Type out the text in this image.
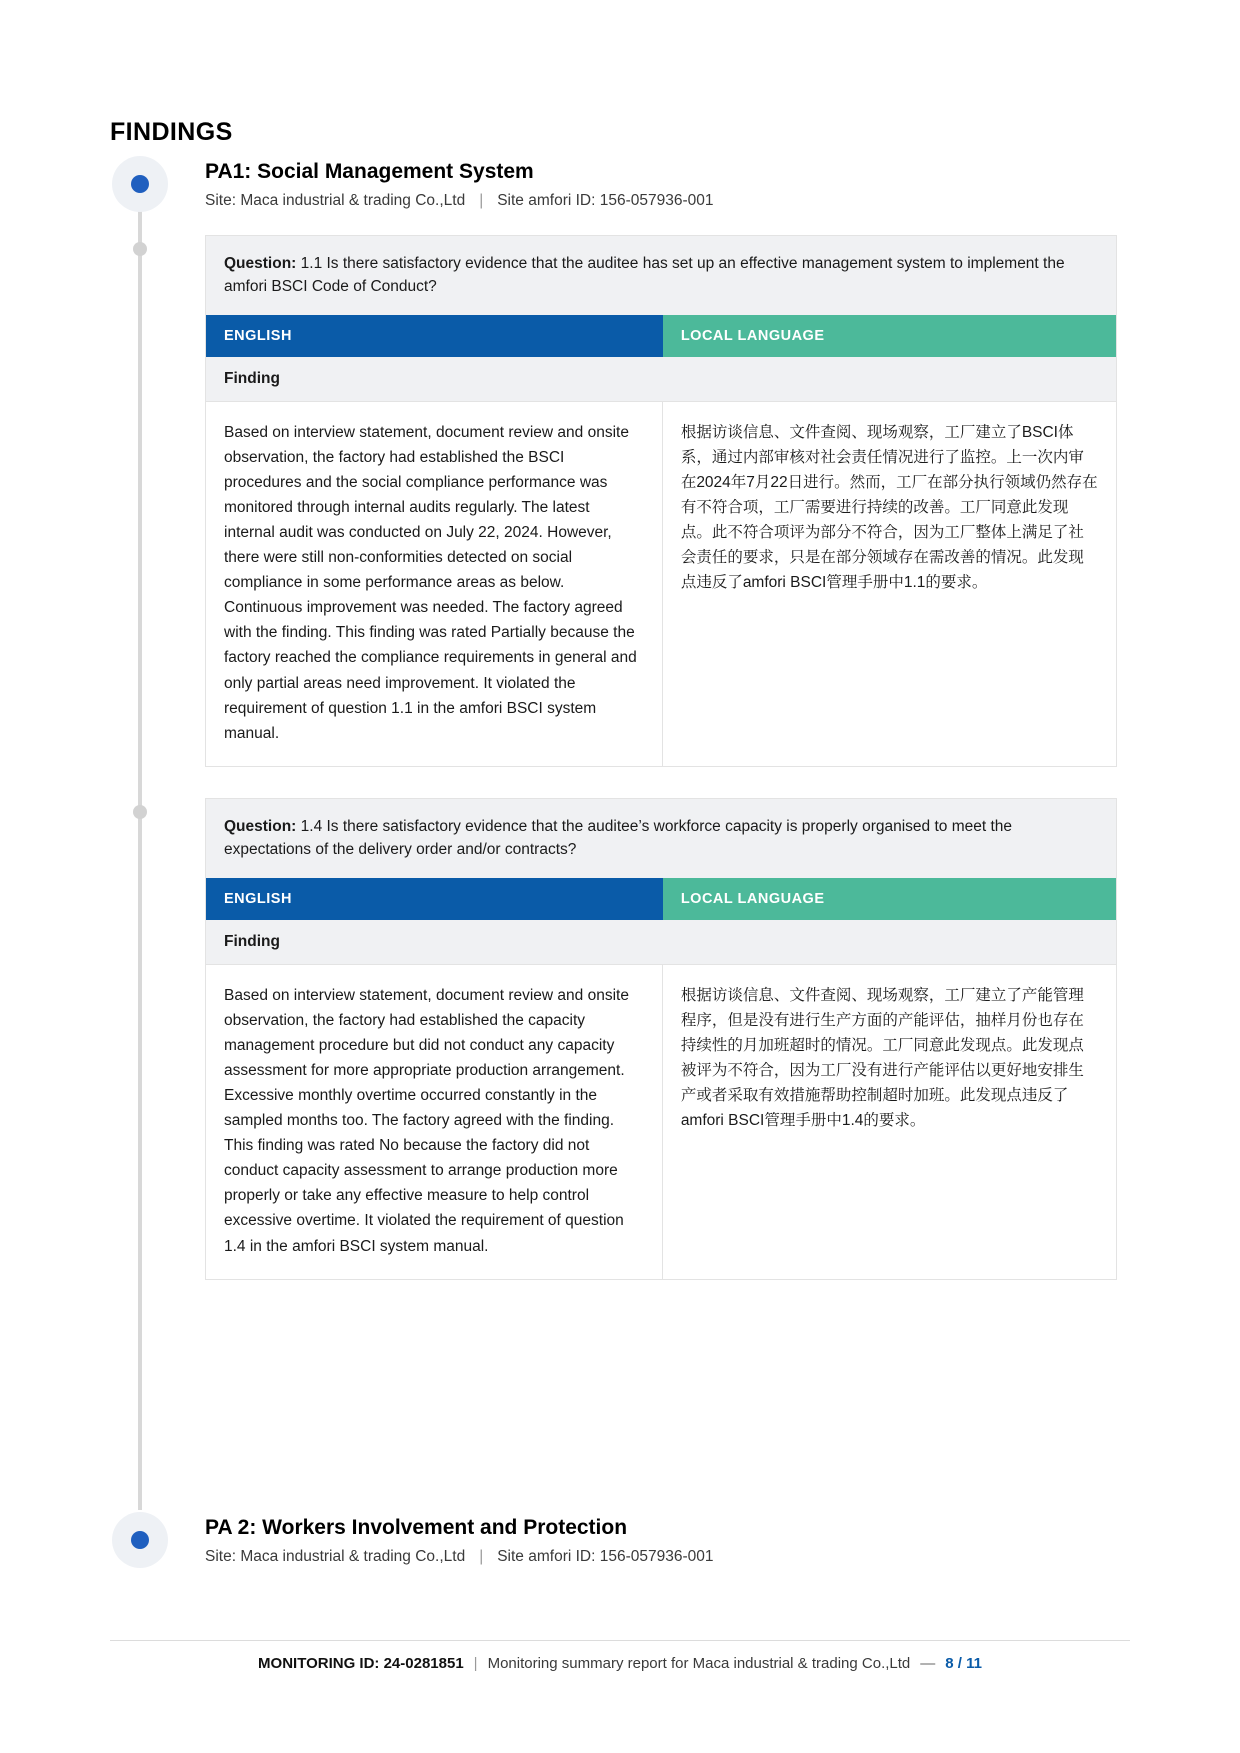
FINDINGS
PA1: Social Management System
Site: Maca industrial & trading Co.,Ltd | Site amfori ID: 156-057936-001
Question: 1.1 Is there satisfactory evidence that the auditee has set up an effective management system to implement the amfori BSCI Code of Conduct?
ENGLISH	LOCAL LANGUAGE
Finding
Based on interview statement, document review and onsite observation, the factory had established the BSCI procedures and the social compliance performance was monitored through internal audits regularly. The latest internal audit was conducted on July 22, 2024. However, there were still non-conformities detected on social compliance in some performance areas as below. Continuous improvement was needed. The factory agreed with the finding. This finding was rated Partially because the factory reached the compliance requirements in general and only partial areas need improvement. It violated the requirement of question 1.1 in the amfori BSCI system manual.
根据访谈信息、文件查阅、现场观察，工厂建立了BSCI体系，通过内部审核对社会责任情况进行了监控。上一次内审在2024年7月22日进行。然而，工厂在部分执行领域仍然存在有不符合项，工厂需要进行持续的改善。工厂同意此发现点。此不符合项评为部分不符合，因为工厂整体上满足了社会责任的要求，只是在部分领域存在需改善的情况。此发现点违反了amfori BSCI管理手册中1.1的要求。
Question: 1.4 Is there satisfactory evidence that the auditee’s workforce capacity is properly organised to meet the expectations of the delivery order and/or contracts?
ENGLISH	LOCAL LANGUAGE
Finding
Based on interview statement, document review and onsite observation, the factory had established the capacity management procedure but did not conduct any capacity assessment for more appropriate production arrangement. Excessive monthly overtime occurred constantly in the sampled months too. The factory agreed with the finding. This finding was rated No because the factory did not conduct capacity assessment to arrange production more properly or take any effective measure to help control excessive overtime. It violated the requirement of question 1.4 in the amfori BSCI system manual.
根据访谈信息、文件查阅、现场观察，工厂建立了产能管理程序，但是没有进行生产方面的产能评估，抽样月份也存在持续性的月加班超时的情况。工厂同意此发现点。此发现点被评为不符合，因为工厂没有进行产能评估以更好地安排生产或者采取有效措施帮助控制超时加班。此发现点违反了amfori BSCI管理手册中1.4的要求。
PA 2: Workers Involvement and Protection
Site: Maca industrial & trading Co.,Ltd | Site amfori ID: 156-057936-001
MONITORING ID: 24-0281851 | Monitoring summary report for Maca industrial & trading Co.,Ltd — 8 / 11
